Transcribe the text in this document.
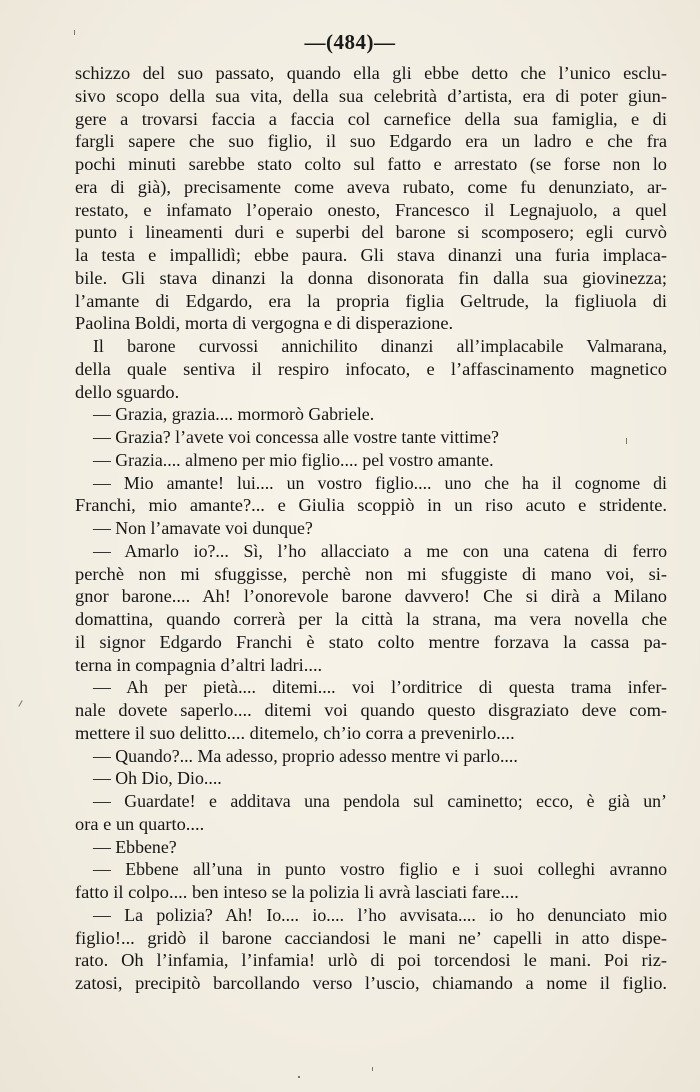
—(484)—
schizzo del suo passato, quando ella gli ebbe detto che l’unico esclu-
sivo scopo della sua vita, della sua celebrità d’artista, era di poter giun-
gere a trovarsi faccia a faccia col carnefice della sua famiglia, e di
fargli sapere che suo figlio, il suo Edgardo era un ladro e che fra
pochi minuti sarebbe stato colto sul fatto e arrestato (se forse non lo
era di già), precisamente come aveva rubato, come fu denunziato, ar-
restato, e infamato l’operaio onesto, Francesco il Legnajuolo, a quel
punto i lineamenti duri e superbi del barone si scomposero; egli curvò
la testa e impallidì; ebbe paura. Gli stava dinanzi una furia implaca-
bile. Gli stava dinanzi la donna disonorata fin dalla sua giovinezza;
l’amante di Edgardo, era la propria figlia Geltrude, la figliuola di
Paolina Boldi, morta di vergogna e di disperazione.
Il barone curvossi annichilito dinanzi all’implacabile Valmarana,
della quale sentiva il respiro infocato, e l’affascinamento magnetico
dello sguardo.
— Grazia, grazia.... mormorò Gabriele.
— Grazia? l’avete voi concessa alle vostre tante vittime?
— Grazia.... almeno per mio figlio.... pel vostro amante.
— Mio amante! lui.... un vostro figlio.... uno che ha il cognome di
Franchi, mio amante?... e Giulia scoppiò in un riso acuto e stridente.
— Non l’amavate voi dunque?
— Amarlo io?... Sì, l’ho allacciato a me con una catena di ferro
perchè non mi sfuggisse, perchè non mi sfuggiste di mano voi, si-
gnor barone.... Ah! l’onorevole barone davvero! Che si dirà a Milano
domattina, quando correrà per la città la strana, ma vera novella che
il signor Edgardo Franchi è stato colto mentre forzava la cassa pa-
terna in compagnia d’altri ladri....
— Ah per pietà.... ditemi.... voi l’orditrice di questa trama infer-
nale dovete saperlo.... ditemi voi quando questo disgraziato deve com-
mettere il suo delitto.... ditemelo, ch’io corra a prevenirlo....
— Quando?... Ma adesso, proprio adesso mentre vi parlo....
— Oh Dio, Dio....
— Guardate! e additava una pendola sul caminetto; ecco, è già un’
ora e un quarto....
— Ebbene?
— Ebbene all’una in punto vostro figlio e i suoi colleghi avranno
fatto il colpo.... ben inteso se la polizia li avrà lasciati fare....
— La polizia? Ah! Io.... io.... l’ho avvisata.... io ho denunciato mio
figlio!... gridò il barone cacciandosi le mani ne’ capelli in atto dispe-
rato. Oh l’infamia, l’infamia! urlò di poi torcendosi le mani. Poi riz-
zatosi, precipitò barcollando verso l’uscio, chiamando a nome il figlio.
